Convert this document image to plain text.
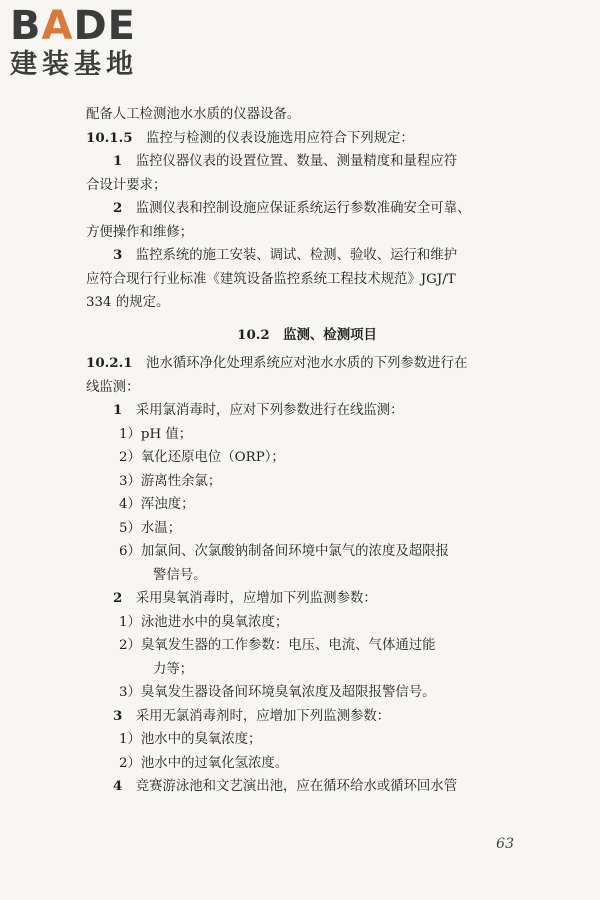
BADE
建装基地

配备人工检测池水水质的仪器设备。

10.1.5　 监控与检测的仪表设施选用应符合下列规定：

1　 监控仪器仪表的设置位置、数量、测量精度和量程应符

合设计要求；

2　 监测仪表和控制设施应保证系统运行参数准确安全可靠、

方便操作和维修；

3　 监控系统的施工安装、调试、检测、验收、运行和维护

应符合现行行业标准《建筑设备监控系统工程技术规范》JGJ/T

334 的规定。

10.2　监测、检测项目

10.2.1　 池水循环净化处理系统应对池水水质的下列参数进行在

线监测：

1　 采用氯消毒时，应对下列参数进行在线监测：

1）pH 值；

2）氧化还原电位（ORP）；

3）游离性余氯；

4）浑浊度；

5）水温；

6）加氯间、次氯酸钠制备间环境中氯气的浓度及超限报

警信号。

2　 采用臭氧消毒时，应增加下列监测参数：

1）泳池进水中的臭氧浓度；

2）臭氧发生器的工作参数：电压、电流、气体通过能

力等；

3）臭氧发生器设备间环境臭氧浓度及超限报警信号。

3　 采用无氯消毒剂时，应增加下列监测参数：

1）池水中的臭氧浓度；

2）池水中的过氧化氢浓度。

4　 竞赛游泳池和文艺演出池，应在循环给水或循环回水管

63
